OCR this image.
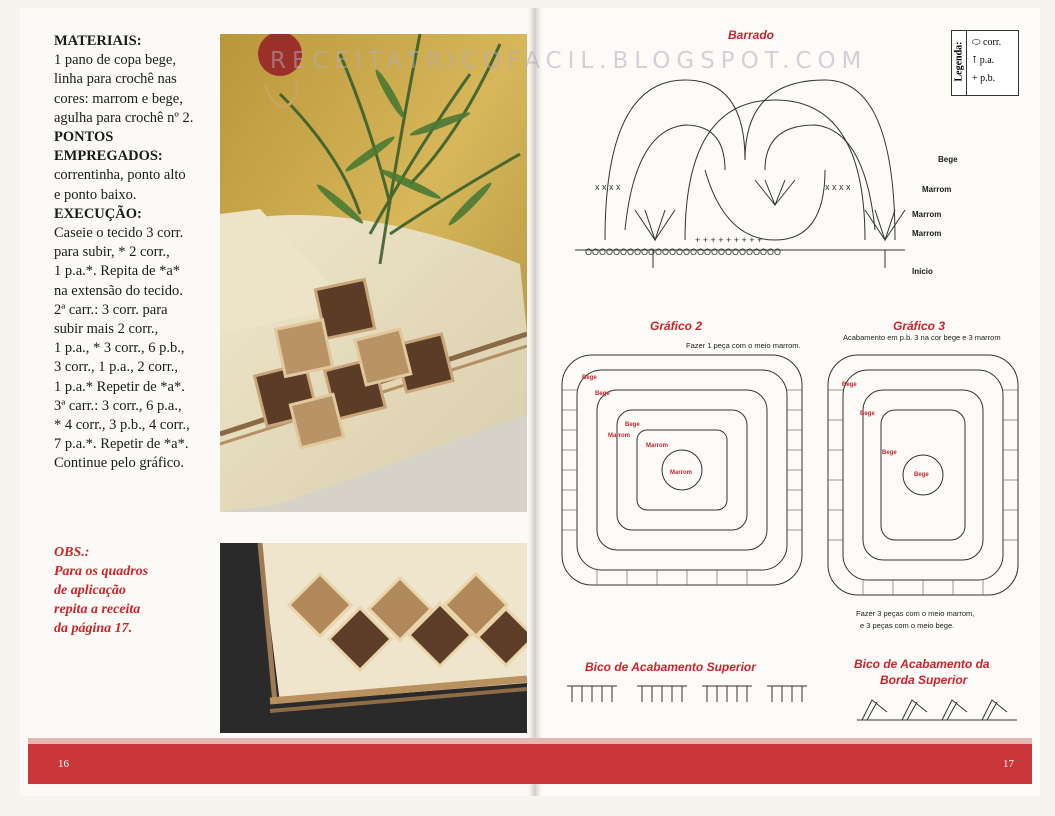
16	17
MATERIAIS:
1 pano de copa bege,
linha para crochê nas
cores: marrom e bege,
agulha para crochê nº 2.
PONTOS
EMPREGADOS:
correntinha, ponto alto
e ponto baixo.
EXECUÇÃO:
Caseie o tecido 3 corr.
para subir, * 2 corr.,
1 p.a.*. Repita de *a*
na extensão do tecido.
2ª carr.: 3 corr. para
subir mais 2 corr.,
1 p.a., * 3 corr., 6 p.b.,
3 corr., 1 p.a., 2 corr.,
1 p.a.* Repetir de *a*.
3ª carr.: 3 corr., 6 p.a.,
* 4 corr., 3 p.b., 4 corr.,
7 p.a.*. Repetir de *a*.
Continue pelo gráfico.
OBS.:
Para os quadros
de aplicação
repita a receita
da página 17.
RECEITATRICOFACIL.BLOGSPOT.COM
Barrado
OOOOOOOOOOOOOOOOOOOOOOOOOOOO
+ + + + + + + + +
x x x x	x x x x
Bege
Marrom
Marrom
Marrom
Início
Legenda: ⬭ corr.
⊺ p.a.
+ p.b.
Gráfico 2
Fazer 1 peça com o meio marrom.
Bege
Bege
Marrom
Bege
Marrom
Marrom
Gráfico 3
Acabamento em p.b. 3 na cor bege e 3 marrom
Bege
Bege
Bege
Bege
Fazer 3 peças com o meio marrom,
e 3 peças com o meio bege.
Bico de Acabamento Superior	Bico de Acabamento da
Borda Superior
